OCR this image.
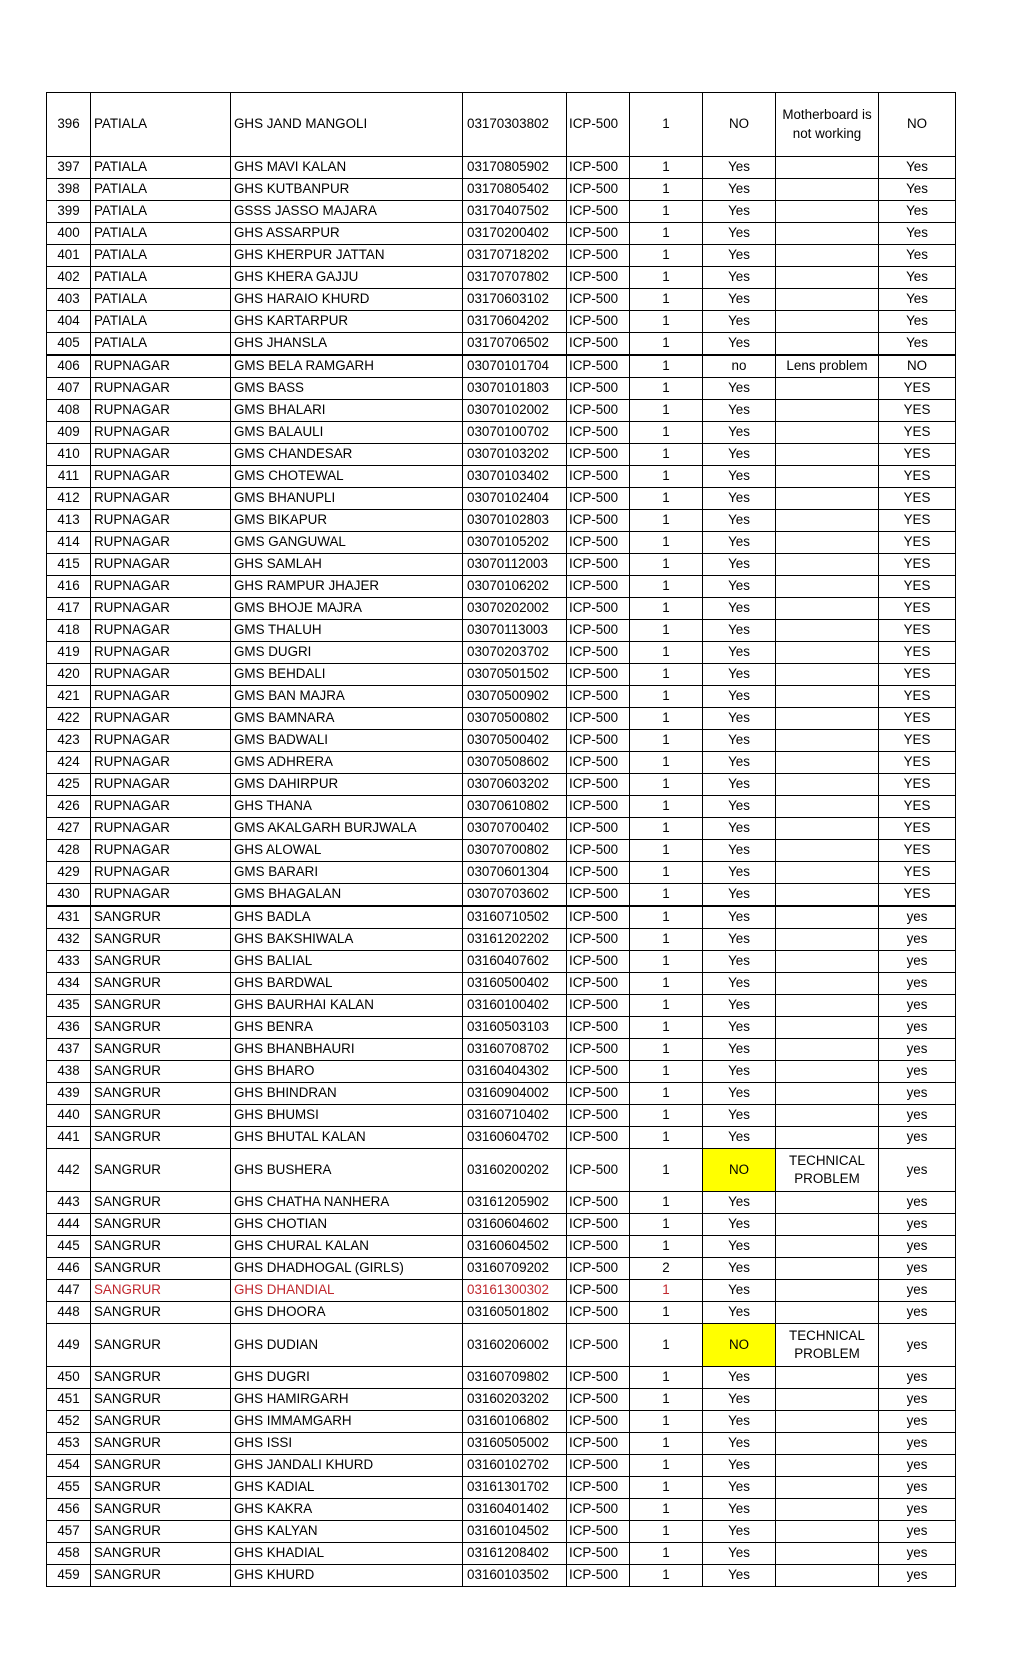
396	PATIALA	GHS JAND MANGOLI	03170303802	ICP-500	1	NO	Motherboard is not working	NO
397	PATIALA	GHS MAVI KALAN	03170805902	ICP-500	1	Yes		Yes
398	PATIALA	GHS KUTBANPUR	03170805402	ICP-500	1	Yes		Yes
399	PATIALA	GSSS JASSO MAJARA	03170407502	ICP-500	1	Yes		Yes
400	PATIALA	GHS ASSARPUR	03170200402	ICP-500	1	Yes		Yes
401	PATIALA	GHS KHERPUR JATTAN	03170718202	ICP-500	1	Yes		Yes
402	PATIALA	GHS KHERA GAJJU	03170707802	ICP-500	1	Yes		Yes
403	PATIALA	GHS HARAIO KHURD	03170603102	ICP-500	1	Yes		Yes
404	PATIALA	GHS KARTARPUR	03170604202	ICP-500	1	Yes		Yes
405	PATIALA	GHS JHANSLA	03170706502	ICP-500	1	Yes		Yes
406	RUPNAGAR	GMS BELA RAMGARH	03070101704	ICP-500	1	no	Lens problem	NO
407	RUPNAGAR	GMS BASS	03070101803	ICP-500	1	Yes		YES
408	RUPNAGAR	GMS BHALARI	03070102002	ICP-500	1	Yes		YES
409	RUPNAGAR	GMS BALAULI	03070100702	ICP-500	1	Yes		YES
410	RUPNAGAR	GMS CHANDESAR	03070103202	ICP-500	1	Yes		YES
411	RUPNAGAR	GMS CHOTEWAL	03070103402	ICP-500	1	Yes		YES
412	RUPNAGAR	GMS BHANUPLI	03070102404	ICP-500	1	Yes		YES
413	RUPNAGAR	GMS BIKAPUR	03070102803	ICP-500	1	Yes		YES
414	RUPNAGAR	GMS GANGUWAL	03070105202	ICP-500	1	Yes		YES
415	RUPNAGAR	GHS SAMLAH	03070112003	ICP-500	1	Yes		YES
416	RUPNAGAR	GHS RAMPUR JHAJER	03070106202	ICP-500	1	Yes		YES
417	RUPNAGAR	GMS BHOJE MAJRA	03070202002	ICP-500	1	Yes		YES
418	RUPNAGAR	GMS THALUH	03070113003	ICP-500	1	Yes		YES
419	RUPNAGAR	GMS DUGRI	03070203702	ICP-500	1	Yes		YES
420	RUPNAGAR	GMS BEHDALI	03070501502	ICP-500	1	Yes		YES
421	RUPNAGAR	GMS BAN MAJRA	03070500902	ICP-500	1	Yes		YES
422	RUPNAGAR	GMS BAMNARA	03070500802	ICP-500	1	Yes		YES
423	RUPNAGAR	GMS BADWALI	03070500402	ICP-500	1	Yes		YES
424	RUPNAGAR	GMS ADHRERA	03070508602	ICP-500	1	Yes		YES
425	RUPNAGAR	GMS DAHIRPUR	03070603202	ICP-500	1	Yes		YES
426	RUPNAGAR	GHS THANA	03070610802	ICP-500	1	Yes		YES
427	RUPNAGAR	GMS AKALGARH BURJWALA	03070700402	ICP-500	1	Yes		YES
428	RUPNAGAR	GHS ALOWAL	03070700802	ICP-500	1	Yes		YES
429	RUPNAGAR	GMS BARARI	03070601304	ICP-500	1	Yes		YES
430	RUPNAGAR	GMS BHAGALAN	03070703602	ICP-500	1	Yes		YES
431	SANGRUR	GHS BADLA	03160710502	ICP-500	1	Yes		yes
432	SANGRUR	GHS BAKSHIWALA	03161202202	ICP-500	1	Yes		yes
433	SANGRUR	GHS BALIAL	03160407602	ICP-500	1	Yes		yes
434	SANGRUR	GHS BARDWAL	03160500402	ICP-500	1	Yes		yes
435	SANGRUR	GHS BAURHAI KALAN	03160100402	ICP-500	1	Yes		yes
436	SANGRUR	GHS BENRA	03160503103	ICP-500	1	Yes		yes
437	SANGRUR	GHS BHANBHAURI	03160708702	ICP-500	1	Yes		yes
438	SANGRUR	GHS BHARO	03160404302	ICP-500	1	Yes		yes
439	SANGRUR	GHS BHINDRAN	03160904002	ICP-500	1	Yes		yes
440	SANGRUR	GHS BHUMSI	03160710402	ICP-500	1	Yes		yes
441	SANGRUR	GHS BHUTAL KALAN	03160604702	ICP-500	1	Yes		yes
442	SANGRUR	GHS BUSHERA	03160200202	ICP-500	1	NO	TECHNICAL PROBLEM	yes
443	SANGRUR	GHS CHATHA NANHERA	03161205902	ICP-500	1	Yes		yes
444	SANGRUR	GHS CHOTIAN	03160604602	ICP-500	1	Yes		yes
445	SANGRUR	GHS CHURAL KALAN	03160604502	ICP-500	1	Yes		yes
446	SANGRUR	GHS DHADHOGAL (GIRLS)	03160709202	ICP-500	2	Yes		yes
447	SANGRUR	GHS DHANDIAL	03161300302	ICP-500	1	Yes		yes
448	SANGRUR	GHS DHOORA	03160501802	ICP-500	1	Yes		yes
449	SANGRUR	GHS DUDIAN	03160206002	ICP-500	1	NO	TECHNICAL PROBLEM	yes
450	SANGRUR	GHS DUGRI	03160709802	ICP-500	1	Yes		yes
451	SANGRUR	GHS HAMIRGARH	03160203202	ICP-500	1	Yes		yes
452	SANGRUR	GHS IMMAMGARH	03160106802	ICP-500	1	Yes		yes
453	SANGRUR	GHS ISSI	03160505002	ICP-500	1	Yes		yes
454	SANGRUR	GHS JANDALI KHURD	03160102702	ICP-500	1	Yes		yes
455	SANGRUR	GHS KADIAL	03161301702	ICP-500	1	Yes		yes
456	SANGRUR	GHS KAKRA	03160401402	ICP-500	1	Yes		yes
457	SANGRUR	GHS KALYAN	03160104502	ICP-500	1	Yes		yes
458	SANGRUR	GHS KHADIAL	03161208402	ICP-500	1	Yes		yes
459	SANGRUR	GHS KHURD	03160103502	ICP-500	1	Yes		yes
